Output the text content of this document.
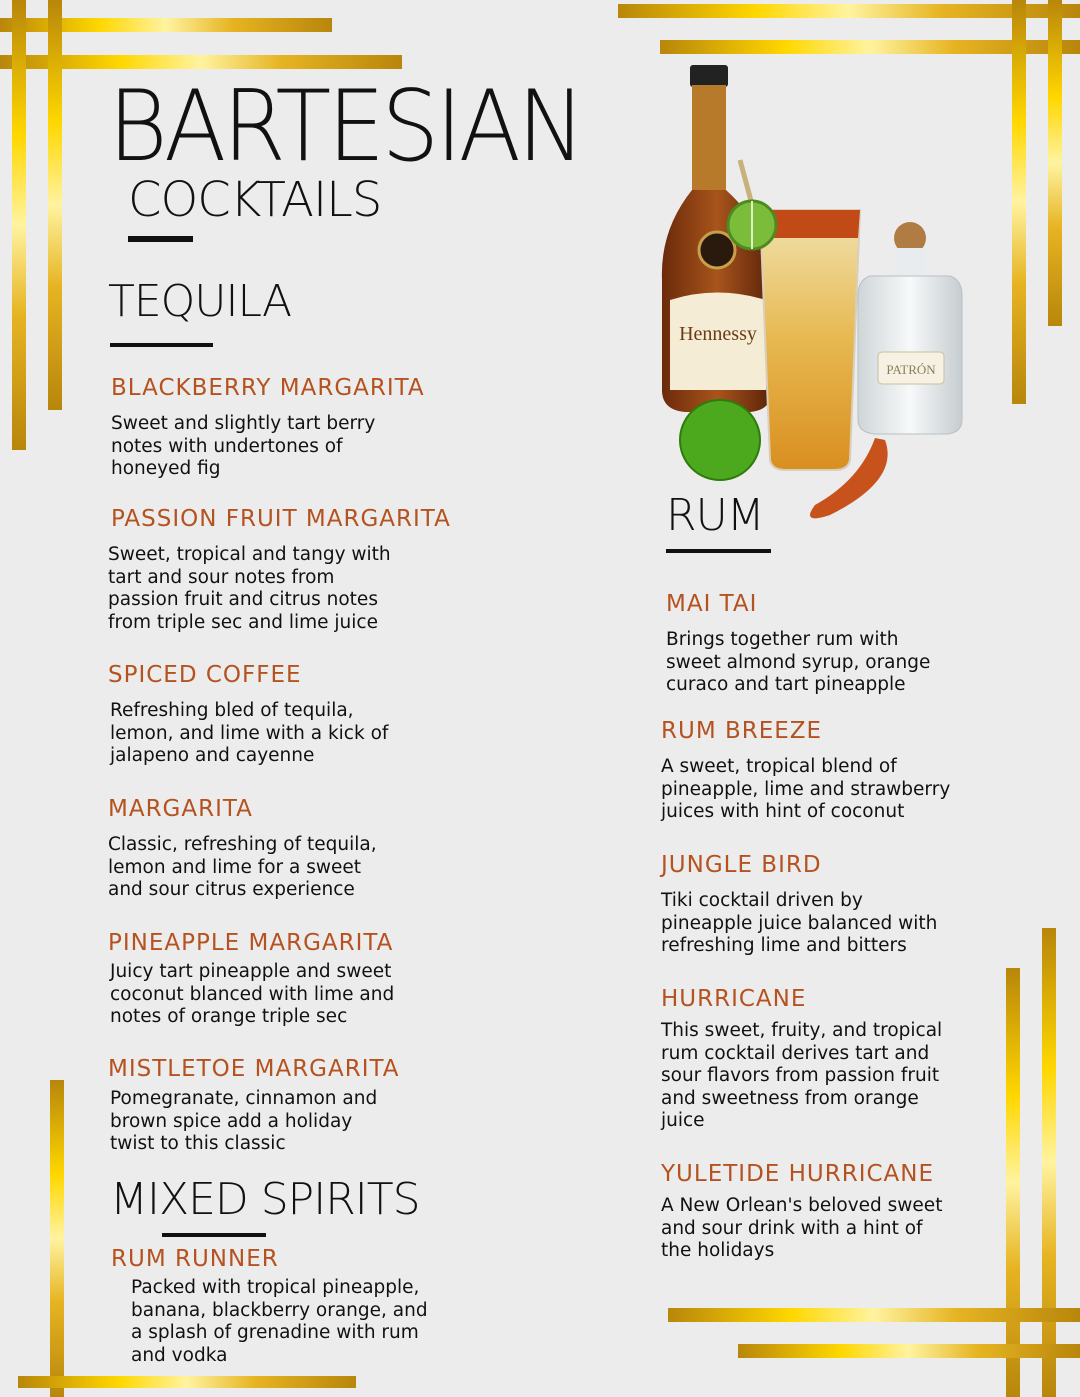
BARTESIAN
COCKTAILS
TEQUILA
BLACKBERRY MARGARITA
Sweet and slightly tart berry notes with undertones of honeyed fig
PASSION FRUIT MARGARITA
Sweet, tropical and tangy with tart and sour notes from passion fruit and citrus notes from triple sec and lime juice
SPICED COFFEE
Refreshing bled of tequila, lemon, and lime with a kick of jalapeno and cayenne
MARGARITA
Classic, refreshing of tequila, lemon and lime for a sweet and sour citrus experience
PINEAPPLE MARGARITA
Juicy tart pineapple and sweet coconut blanced with lime and notes of orange triple sec
MISTLETOE MARGARITA
Pomegranate, cinnamon and brown spice add a holiday twist to this classic
MIXED SPIRITS
RUM RUNNER
Packed with tropical pineapple, banana, blackberry orange, and a splash of grenadine with rum and vodka
Hennessy
PATRÓN
RUM
MAI TAI
Brings together rum with sweet almond syrup, orange curaco and tart pineapple
RUM BREEZE
A sweet, tropical blend of pineapple, lime and strawberry juices with hint of coconut
JUNGLE BIRD
Tiki cocktail driven by pineapple juice balanced with refreshing lime and bitters
HURRICANE
This sweet, fruity, and tropical rum cocktail derives tart and sour flavors from passion fruit and sweetness from orange juice
YULETIDE HURRICANE
A New Orlean's beloved sweet and sour drink with a hint of the holidays
